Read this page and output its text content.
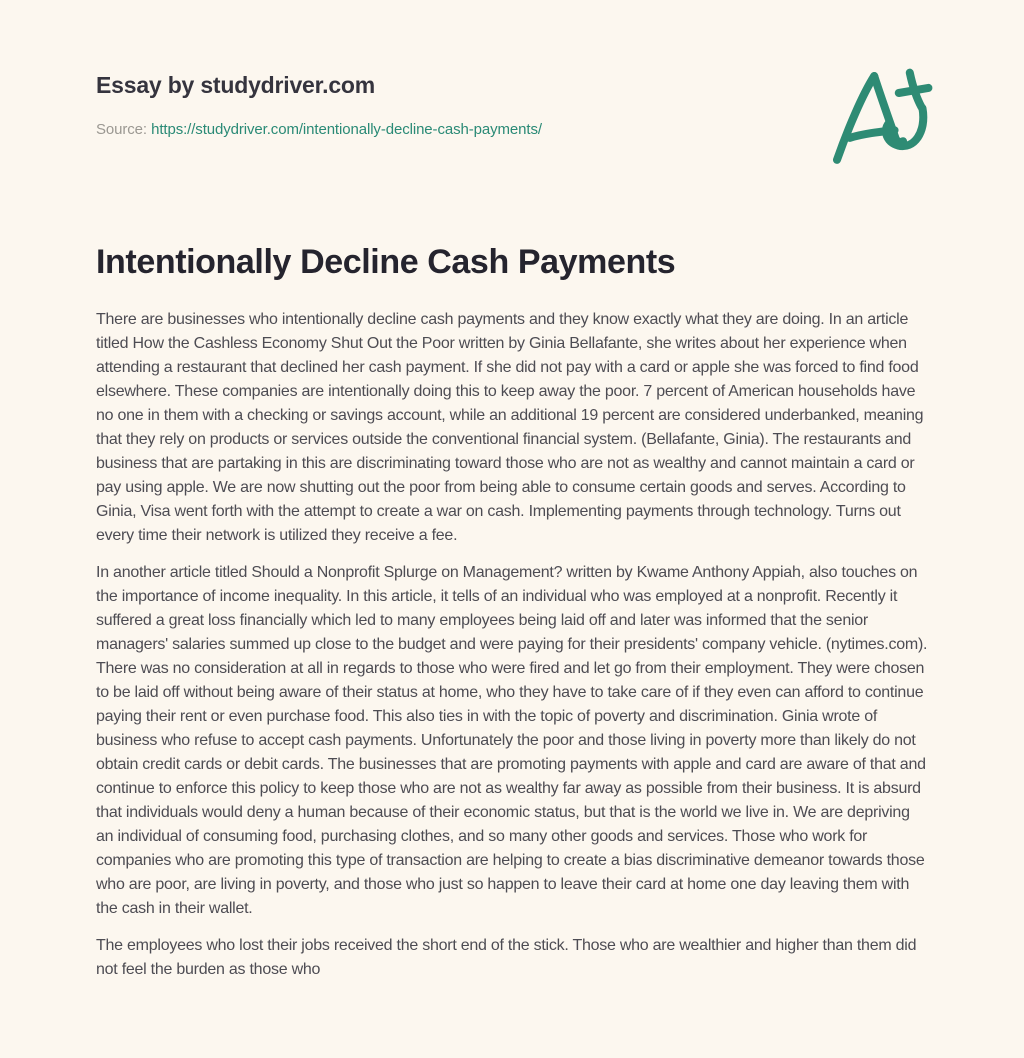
Essay by studydriver.com
Source: https://studydriver.com/intentionally-decline-cash-payments/
Intentionally Decline Cash Payments

There are businesses who intentionally decline cash payments and they know exactly what they are doing. In an article titled How the Cashless Economy Shut Out the Poor written by Ginia Bellafante, she writes about her experience when attending a restaurant that declined her cash payment. If she did not pay with a card or apple she was forced to find food elsewhere. These companies are intentionally doing this to keep away the poor. 7 percent of American households have no one in them with a checking or savings account, while an additional 19 percent are considered underbanked, meaning that they rely on products or services outside the conventional financial system. (Bellafante, Ginia). The restaurants and business that are partaking in this are discriminating toward those who are not as wealthy and cannot maintain a card or pay using apple. We are now shutting out the poor from being able to consume certain goods and serves. According to Ginia, Visa went forth with the attempt to create a war on cash. Implementing payments through technology. Turns out every time their network is utilized they receive a fee.

In another article titled Should a Nonprofit Splurge on Management? written by Kwame Anthony Appiah, also touches on the importance of income inequality. In this article, it tells of an individual who was employed at a nonprofit. Recently it suffered a great loss financially which led to many employees being laid off and later was informed that the senior managers' salaries summed up close to the budget and were paying for their presidents' company vehicle. (nytimes.com). There was no consideration at all in regards to those who were fired and let go from their employment. They were chosen to be laid off without being aware of their status at home, who they have to take care of if they even can afford to continue paying their rent or even purchase food. This also ties in with the topic of poverty and discrimination. Ginia wrote of business who refuse to accept cash payments. Unfortunately the poor and those living in poverty more than likely do not obtain credit cards or debit cards. The businesses that are promoting payments with apple and card are aware of that and continue to enforce this policy to keep those who are not as wealthy far away as possible from their business. It is absurd that individuals would deny a human because of their economic status, but that is the world we live in. We are depriving an individual of consuming food, purchasing clothes, and so many other goods and services. Those who work for companies who are promoting this type of transaction are helping to create a bias discriminative demeanor towards those who are poor, are living in poverty, and those who just so happen to leave their card at home one day leaving them with the cash in their wallet.

The employees who lost their jobs received the short end of the stick. Those who are wealthier and higher than them did not feel the burden as those who
